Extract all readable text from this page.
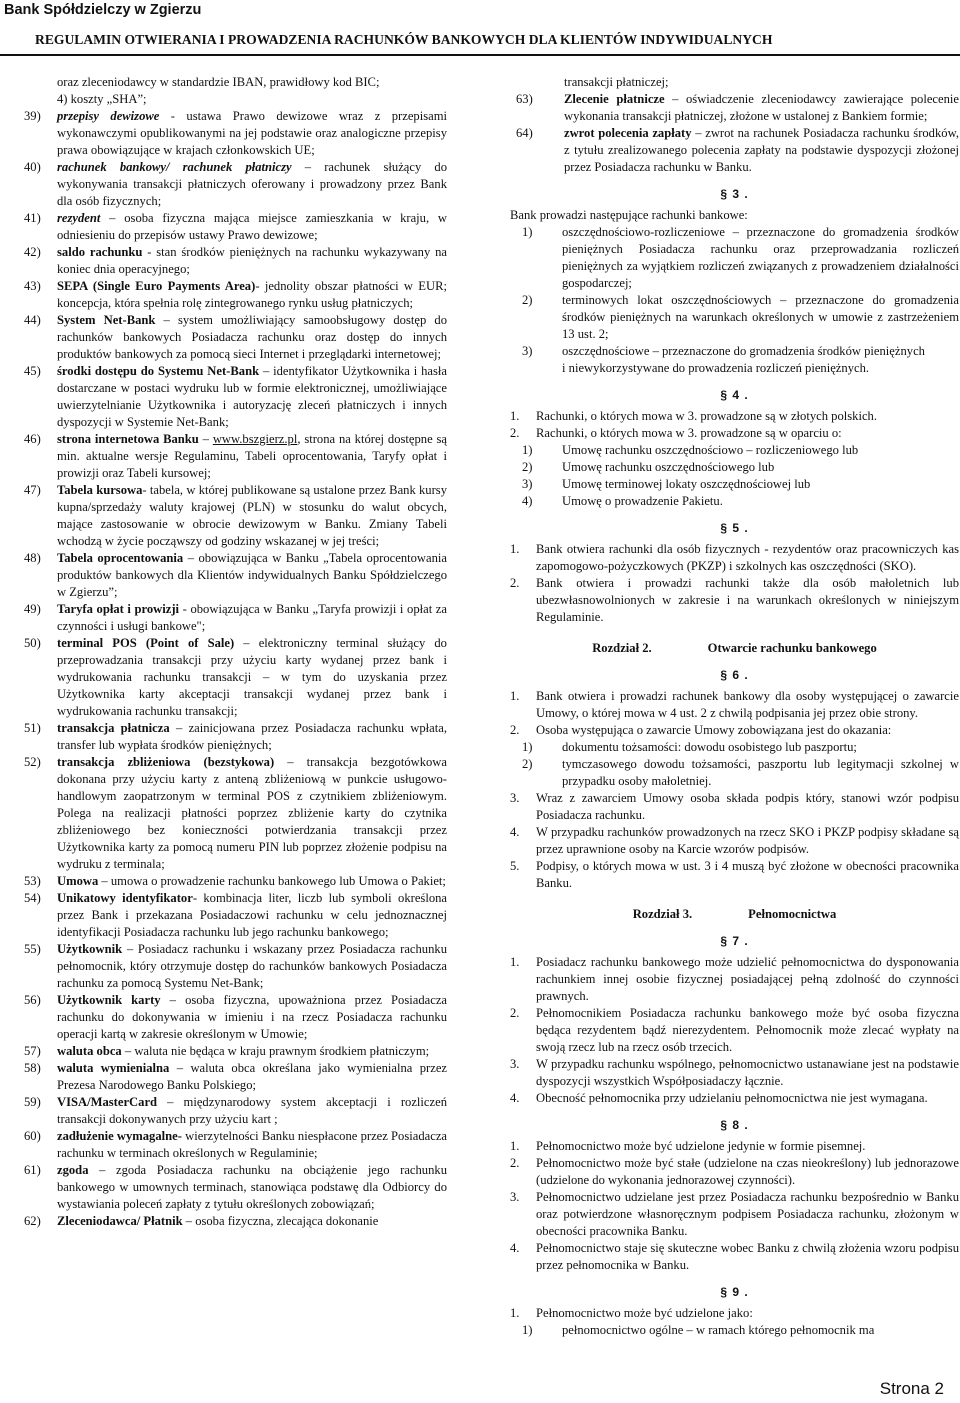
Bank Spółdzielczy w Zgierzu
REGULAMIN OTWIERANIA I PROWADZENIA RACHUNKÓW BANKOWYCH DLA KLIENTÓW INDYWIDUALNYCH
oraz zleceniodawcy w standardzie IBAN, prawidłowy kod BIC;
4) koszty „SHA”;
39) przepisy dewizowe - ustawa Prawo dewizowe wraz z przepisami wykonawczymi opublikowanymi na jej podstawie oraz analogiczne przepisy prawa obowiązujące w krajach członkowskich UE;
40) rachunek bankowy/ rachunek płatniczy – rachunek służący do wykonywania transakcji płatniczych oferowany i prowadzony przez Bank dla osób fizycznych;
41) rezydent – osoba fizyczna mająca miejsce zamieszkania w kraju, w odniesieniu do przepisów ustawy Prawo dewizowe;
42) saldo rachunku - stan środków pieniężnych na rachunku wykazywany na koniec dnia operacyjnego;
43) SEPA (Single Euro Payments Area)- jednolity obszar płatności w EUR; koncepcja, która spełnia rolę zintegrowanego rynku usług płatniczych;
44) System Net-Bank – system umożliwiający samoobsługowy dostęp do rachunków bankowych Posiadacza rachunku oraz dostęp do innych produktów bankowych za pomocą sieci Internet i przeglądarki internetowej;
45) środki dostępu do Systemu Net-Bank – identyfikator Użytkownika i hasła dostarczane w postaci wydruku lub w formie elektronicznej, umożliwiające uwierzytelnianie Użytkownika i autoryzację zleceń płatniczych i innych dyspozycji w Systemie Net-Bank;
46) strona internetowa Banku – www.bszgierz.pl, strona na której dostępne są min. aktualne wersje Regulaminu, Tabeli oprocentowania, Taryfy opłat i prowizji oraz Tabeli kursowej;
47) Tabela kursowa- tabela, w której publikowane są ustalone przez Bank kursy kupna/sprzedaży waluty krajowej (PLN) w stosunku do walut obcych, mające zastosowanie w obrocie dewizowym w Banku. Zmiany Tabeli wchodzą w życie począwszy od godziny wskazanej w jej treści;
48) Tabela oprocentowania – obowiązująca w Banku „Tabela oprocentowania produktów bankowych dla Klientów indywidualnych Banku Spółdzielczego w Zgierzu”;
49) Taryfa opłat i prowizji - obowiązująca w Banku „Taryfa prowizji i opłat za czynności i usługi bankowe";
50) terminal POS (Point of Sale) – elektroniczny terminal służący do przeprowadzania transakcji przy użyciu karty wydanej przez bank i wydrukowania rachunku transakcji – w tym do uzyskania przez Użytkownika karty akceptacji transakcji wydanej przez bank i wydrukowania rachunku transakcji;
51) transakcja płatnicza – zainicjowana przez Posiadacza rachunku wpłata, transfer lub wypłata środków pieniężnych;
52) transakcja zbliżeniowa (bezstykowa) – transakcja bezgotówkowa dokonana przy użyciu karty z anteną zbliżeniową w punkcie usługowo-handlowym zaopatrzonym w terminal POS z czytnikiem zbliżeniowym. Polega na realizacji płatności poprzez zbliżenie karty do czytnika zbliżeniowego bez konieczności potwierdzania transakcji przez Użytkownika karty za pomocą numeru PIN lub poprzez złożenie podpisu na wydruku z terminala;
53) Umowa – umowa o prowadzenie rachunku bankowego lub Umowa o Pakiet;
54) Unikatowy identyfikator- kombinacja liter, liczb lub symboli określona przez Bank i przekazana Posiadaczowi rachunku w celu jednoznacznej identyfikacji Posiadacza rachunku lub jego rachunku bankowego;
55) Użytkownik – Posiadacz rachunku i wskazany przez Posiadacza rachunku pełnomocnik, który otrzymuje dostęp do rachunków bankowych Posiadacza rachunku za pomocą Systemu Net-Bank;
56) Użytkownik karty – osoba fizyczna, upoważniona przez Posiadacza rachunku do dokonywania w imieniu i na rzecz Posiadacza rachunku operacji kartą w zakresie określonym w Umowie;
57) waluta obca – waluta nie będąca w kraju prawnym środkiem płatniczym;
58) waluta wymienialna – waluta obca określana jako wymienialna przez Prezesa Narodowego Banku Polskiego;
59) VISA/MasterCard – międzynarodowy system akceptacji i rozliczeń transakcji dokonywanych przy użyciu kart ;
60) zadłużenie wymagalne- wierzytelności Banku niespłacone przez Posiadacza rachunku w terminach określonych w Regulaminie;
61) zgoda – zgoda Posiadacza rachunku na obciążenie jego rachunku bankowego w umownych terminach, stanowiąca podstawę dla Odbiorcy do wystawiania poleceń zapłaty z tytułu określonych zobowiązań;
62) Zleceniodawca/ Płatnik – osoba fizyczna, zlecająca dokonanie
transakcji płatniczej;
63) Zlecenie płatnicze – oświadczenie zleceniodawcy zawierające polecenie wykonania transakcji płatniczej, złożone w ustalonej z Bankiem formie;
64) zwrot polecenia zapłaty – zwrot na rachunek Posiadacza rachunku środków, z tytułu zrealizowanego polecenia zapłaty na podstawie dyspozycji złożonej przez Posiadacza rachunku w Banku.
§ 3 .
Bank prowadzi następujące rachunki bankowe:
1) oszczędnościowo-rozliczeniowe – przeznaczone do gromadzenia środków pieniężnych Posiadacza rachunku oraz przeprowadzania rozliczeń pieniężnych za wyjątkiem rozliczeń związanych z prowadzeniem działalności gospodarczej;
2) terminowych lokat oszczędnościowych – przeznaczone do gromadzenia środków pieniężnych na warunkach określonych w umowie z zastrzeżeniem 13 ust. 2;
3) oszczędnościowe – przeznaczone do gromadzenia środków pieniężnych
i niewykorzystywane do prowadzenia rozliczeń pieniężnych.
§ 4 .
1. Rachunki, o których mowa w 3. prowadzone są w złotych polskich.
2. Rachunki, o których mowa w 3. prowadzone są w oparciu o:
1) Umowę rachunku oszczędnościowo – rozliczeniowego lub
2) Umowę rachunku oszczędnościowego lub
3) Umowę terminowej lokaty oszczędnościowej lub
4) Umowę o prowadzenie Pakietu.
§ 5 .
1. Bank otwiera rachunki dla osób fizycznych - rezydentów oraz pracowniczych kas zapomogowo-pożyczkowych (PKZP) i szkolnych kas oszczędności (SKO).
2. Bank otwiera i prowadzi rachunki także dla osób małoletnich lub ubezwłasnowolnionych w zakresie i na warunkach określonych w niniejszym Regulaminie.
Rozdział 2.	Otwarcie rachunku bankowego
§ 6 .
1. Bank otwiera i prowadzi rachunek bankowy dla osoby występującej o zawarcie Umowy, o której mowa w 4 ust. 2 z chwilą podpisania jej przez obie strony.
2. Osoba występująca o zawarcie Umowy zobowiązana jest do okazania:
1) dokumentu tożsamości: dowodu osobistego lub paszportu;
2) tymczasowego dowodu tożsamości, paszportu lub legitymacji szkolnej w przypadku osoby małoletniej.
3. Wraz z zawarciem Umowy osoba składa podpis który, stanowi wzór podpisu Posiadacza rachunku.
4. W przypadku rachunków prowadzonych na rzecz SKO i PKZP podpisy składane są przez uprawnione osoby na Karcie wzorów podpisów.
5. Podpisy, o których mowa w ust. 3 i 4 muszą być złożone w obecności pracownika Banku.
Rozdział 3.	Pełnomocnictwa
§ 7 .
1. Posiadacz rachunku bankowego może udzielić pełnomocnictwa do dysponowania rachunkiem innej osobie fizycznej posiadającej pełną zdolność do czynności prawnych.
2. Pełnomocnikiem Posiadacza rachunku bankowego może być osoba fizyczna będąca rezydentem bądź nierezydentem. Pełnomocnik może zlecać wypłaty na swoją rzecz lub na rzecz osób trzecich.
3. W przypadku rachunku wspólnego, pełnomocnictwo ustanawiane jest na podstawie dyspozycji wszystkich Współposiadaczy łącznie.
4. Obecność pełnomocnika przy udzielaniu pełnomocnictwa nie jest wymagana.
§ 8 .
1. Pełnomocnictwo może być udzielone jedynie w formie pisemnej.
2. Pełnomocnictwo może być stałe (udzielone na czas nieokreślony) lub jednorazowe (udzielone do wykonania jednorazowej czynności).
3. Pełnomocnictwo udzielane jest przez Posiadacza rachunku bezpośrednio w Banku oraz potwierdzone własnoręcznym podpisem Posiadacza rachunku, złożonym w obecności pracownika Banku.
4. Pełnomocnictwo staje się skuteczne wobec Banku z chwilą złożenia wzoru podpisu przez pełnomocnika w Banku.
§ 9 .
1. Pełnomocnictwo może być udzielone jako:
1) pełnomocnictwo ogólne – w ramach którego pełnomocnik ma
Strona 2
